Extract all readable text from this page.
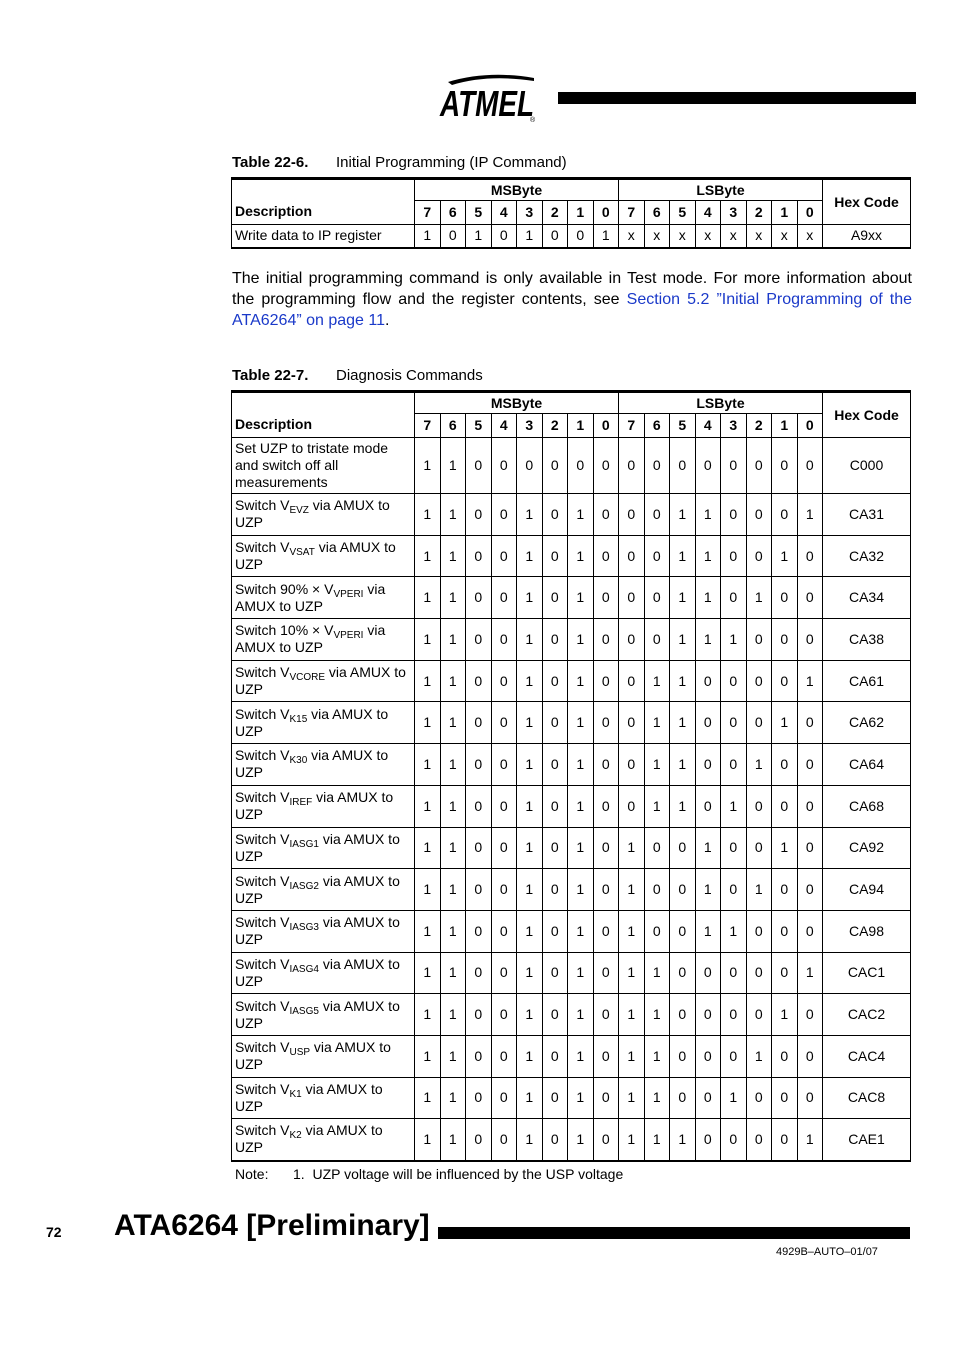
ATMEL
®
Table 22-6. Initial Programming (IP Command)
Description	MSByte								LSByte								Hex Code
	7	6	5	4	3	2	1	0	7	6	5	4	3	2	1	0	
Write data to IP register	1	0	1	0	1	0	0	1	x	x	x	x	x	x	x	x	A9xx
The initial programming command is only available in Test mode. For more information about the programming flow and the register contents, see Section 5.2 ”Initial Programming of the ATA6264” on page 11.
Table 22-7. Diagnosis Commands
Description	MSByte								LSByte								Hex Code
	7	6	5	4	3	2	1	0	7	6	5	4	3	2	1	0	
Set UZP to tristate mode and switch off all measurements	1	1	0	0	0	0	0	0	0	0	0	0	0	0	0	0	C000
Switch $V_{EVZ}$ via AMUX to UZP	1	1	0	0	1	0	1	0	0	0	1	1	0	0	0	1	CA31
Switch $V_{VSAT}$ via AMUX to UZP	1	1	0	0	1	0	1	0	0	0	1	1	0	0	1	0	CA32
Switch $90\% \times V_{VPERI}$ via AMUX to UZP	1	1	0	0	1	0	1	0	0	0	1	1	0	1	0	0	CA34
Switch $10\% \times V_{VPERI}$ via AMUX to UZP	1	1	0	0	1	0	1	0	0	0	1	1	1	0	0	0	CA38
Switch $V_{VCORE}$ via AMUX to UZP	1	1	0	0	1	0	1	0	0	1	1	0	0	0	0	1	CA61
Switch $V_{K15}$ via AMUX to UZP	1	1	0	0	1	0	1	0	0	1	1	0	0	0	1	0	CA62
Switch $V_{K30}$ via AMUX to UZP	1	1	0	0	1	0	1	0	0	1	1	0	0	1	0	0	CA64
Switch $V_{IREF}$ via AMUX to UZP	1	1	0	0	1	0	1	0	0	1	1	0	1	0	0	0	CA68
Switch $V_{IASG1}$ via AMUX to UZP	1	1	0	0	1	0	1	0	1	0	0	1	0	0	1	0	CA92
Switch $V_{IASG2}$ via AMUX to UZP	1	1	0	0	1	0	1	0	1	0	0	1	0	1	0	0	CA94
Switch $V_{IASG3}$ via AMUX to UZP	1	1	0	0	1	0	1	0	1	0	0	1	1	0	0	0	CA98
Switch $V_{IASG4}$ via AMUX to UZP	1	1	0	0	1	0	1	0	1	1	0	0	0	0	0	1	CAC1
Switch $V_{IASG5}$ via AMUX to UZP	1	1	0	0	1	0	1	0	1	1	0	0	0	0	1	0	CAC2
Switch $V_{USP}$ via AMUX to UZP	1	1	0	0	1	0	1	0	1	1	0	0	0	1	0	0	CAC4
Switch $V_{K1}$ via AMUX to UZP	1	1	0	0	1	0	1	0	1	1	0	0	1	0	0	0	CAC8
Switch $V_{K2}$ via AMUX to UZP	1	1	0	0	1	0	1	0	1	1	1	0	0	0	0	1	CAE1
Note: 1.  UZP voltage will be influenced by the USP voltage
72 ATA6264 [Preliminary]
4929B–AUTO–01/07
